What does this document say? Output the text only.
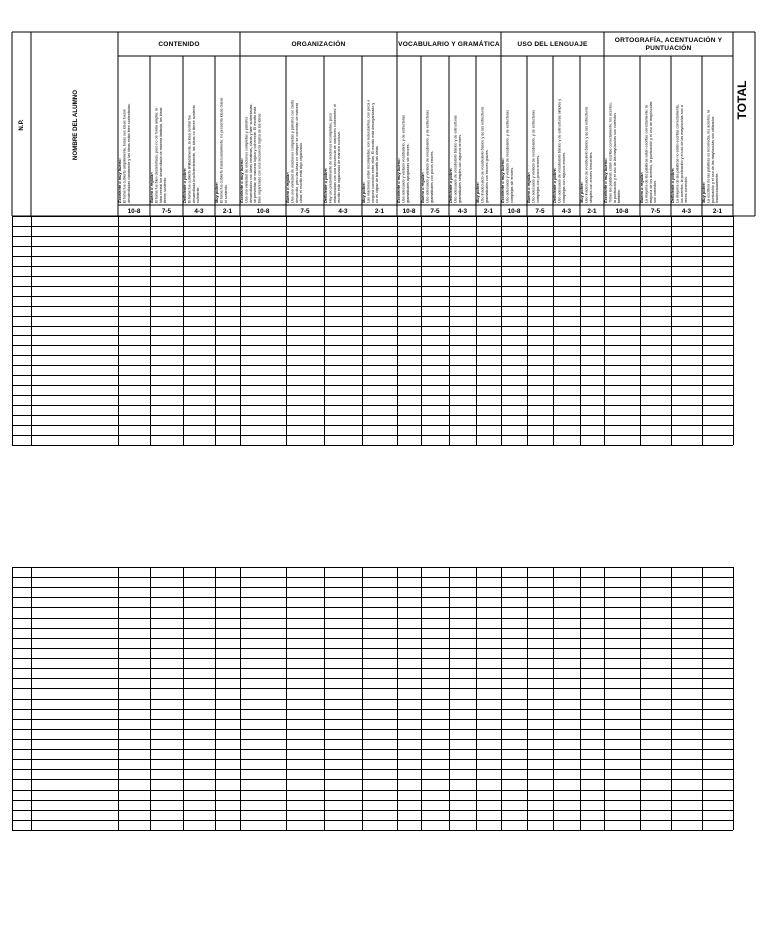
N.P.	NOMBRE DEL ALUMNO	TOTAL
CONTENIDO
Excelente o muy bueno: El tema fue cubierto ampliamente, todas sus ideas fuerondesarrolladas claramente y las ideas están bien sustentadas.
10-8
Bueno o regular: El tema fue bien desarrollado, pero no de forma amplia; laidea central fue desarrollada de manera limitada, las ideastienen sustento.
7-5
Deficiente o pobre: El tema fue cubierto limitadamente, la idea central fuedesarrollada insuficientemente, las ideas no tienen sustentosuficiente.
4-3
Muy pobre: El tema fue cubierto inadecuadamente, no presenta ideas clarasni sustento.
2-1
ORGANIZACIÓN
Excelente o muy bueno: Usa una variedad de oraciones completas y párrafosdesarrollados con ideas creativas, claras y bien sustentadas;se presentan de manera lógica y coherente. El escrito estábien organizado con una secuencia lógica de las ideas.
10-8
Bueno o regular: Usa una variedad de oraciones completas y párrafos con ciertodesarrollo, pero las ideas no siempre se conectan de maneraclara; el escrito está algo organizado.
7-5
Deficiente o pobre: Hay uso predominante de oraciones incompletas, pocorelacionadas con una secuencia de oraciones coherentes; elescrito está organizado de manera confusa.
4-3
Muy pobre: Las oraciones están incompletas, son redundantes, con poca oninguna conexión entre ellas. El escrito está desorganizado yno es capaz de transmitir las ideas.
2-1
VOCABULARIO Y GRAMÁTICA
Excelente o muy bueno: Usa adecuado y variado vocabulario, y de estructurasgramaticales apropiadas sin errores.
10-8
Bueno o regular: Uso adecuado y variado de vocabulario, y de estructurasgramaticales con pocos errores.
7-5
Deficiente o pobre: Uso adecuado de vocabulario básico y de estructurasgramaticales simples con algunos errores.
4-3
Muy pobre: Uso inadecuado de vocabulario básico y de las estructurasgramaticales con errores graves.
2-1
USO DEL LENGUAJE
Excelente o muy bueno: Uso adecuado y variado de vocabulario, y de estructurascomplejas sin errores.
10-8
Bueno o regular: Uso adecuado y variado de vocabulario, y de estructurascomplejas con pocos errores.
7-5
Deficiente o pobre: Uso adecuado de vocabulario básico y de estructuras simples ycomplejas con algunos errores.
4-3
Muy pobre: Uso inadecuado de vocabulario básico y de las estructurassimples con errores frecuentes.
2-1
ORTOGRAFÍA, ACENTUACIÓN Y PUNTUACIÓN
Excelente o muy bueno: Todas las palabras están escritas correctamente; los acentos,la puntuación y el uso de las mayúsculas son correctostambién.
10-8
Bueno o regular: La mayoría de las palabras están escritas correctamente; lamayoría de los acentos, la puntuación y el uso de mayúsculasson correctos.
7-5
Deficiente o pobre: La mayoría de las palabras no están escritas correctamente,los acentos, la puntuación y el uso de las mayúsculas son aveces correctos.
4-3
Muy pobre: La escritura de las palabras es incorrecta, los acentos, lapuntuación y el uso de las mayúsculas son utilizadosinadecuadamente.
2-1
